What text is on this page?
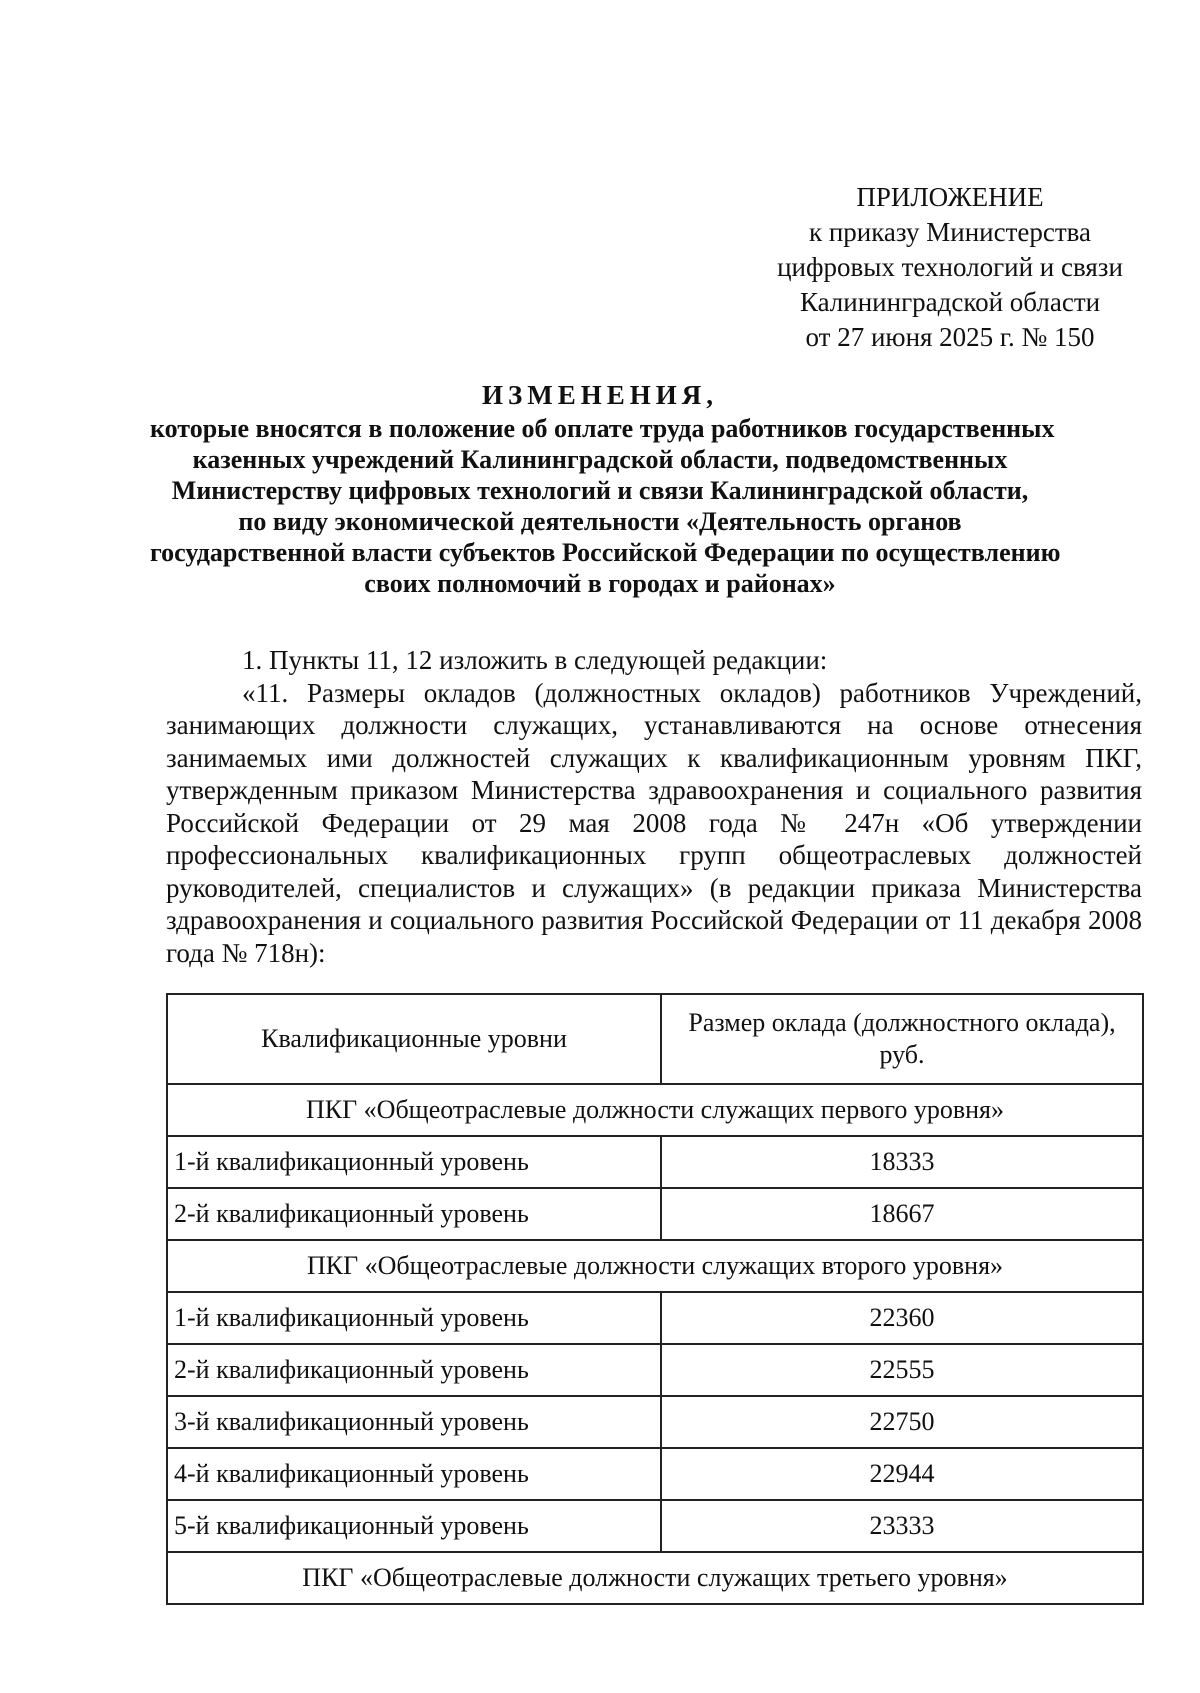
ПРИЛОЖЕНИЕ
к приказу Министерства
цифровых технологий и связи
Калининградской области
от 27 июня 2025 г. № 150
ИЗМЕНЕНИЯ,
которые вносятся в положение об оплате труда работников государственных
казенных учреждений Калининградской области, подведомственных
Министерству цифровых технологий и связи Калининградской области,
по виду экономической деятельности «Деятельность органов
государственной власти субъектов Российской Федерации по осуществлению
своих полномочий в городах и районах»

1. Пункты 11, 12 изложить в следующей редакции:

«11. Размеры окладов (должностных окладов) работников Учреждений, занимающих должности служащих, устанавливаются на основе отнесения занимаемых ими должностей служащих к квалификационным уровням ПКГ, утвержденным приказом Министерства здравоохранения и социального развития Российской Федерации от 29 мая 2008 года № 247н «Об утверждении профессиональных квалификационных групп общеотраслевых должностей руководителей, специалистов и служащих» (в редакции приказа Министерства здравоохранения и социального развития Российской Федерации от 11 декабря 2008 года № 718н):

Квалификационные уровни	Размер оклада (должностного оклада), руб.
ПКГ «Общеотраслевые должности служащих первого уровня»	
1-й квалификационный уровень	18333
2-й квалификационный уровень	18667
ПКГ «Общеотраслевые должности служащих второго уровня»	
1-й квалификационный уровень	22360
2-й квалификационный уровень	22555
3-й квалификационный уровень	22750
4-й квалификационный уровень	22944
5-й квалификационный уровень	23333
ПКГ «Общеотраслевые должности служащих третьего уровня»	
